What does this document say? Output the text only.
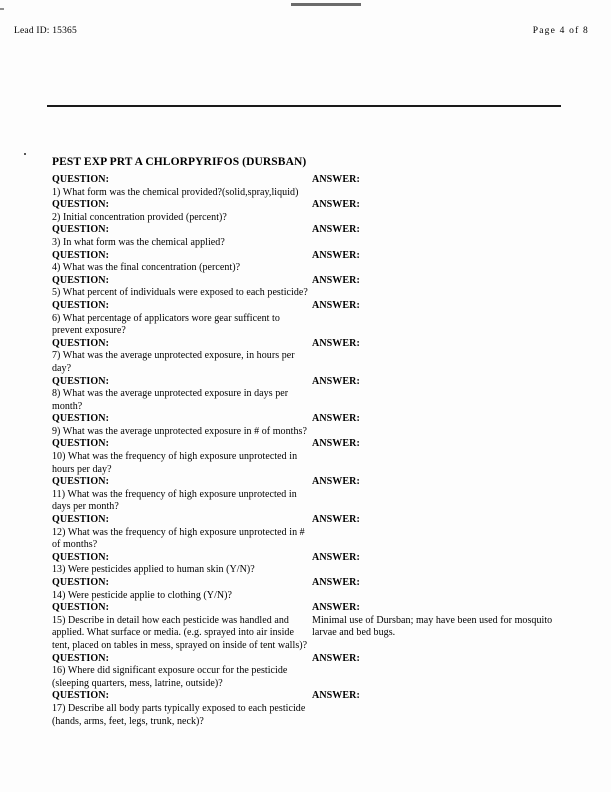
Lead ID: 15365	Page 4 of 8
PEST EXP PRT A CHLORPYRIFOS (DURSBAN)
QUESTION:	ANSWER:
1) What form was the chemical provided?(solid,spray,liquid)
QUESTION:	ANSWER:
2) Initial concentration provided (percent)?
QUESTION:	ANSWER:
3) In what form was the chemical applied?
QUESTION:	ANSWER:
4) What was the final concentration (percent)?
QUESTION:	ANSWER:
5) What percent of individuals were exposed to each pesticide?
QUESTION:	ANSWER:
6) What percentage of applicators wore gear sufficent to prevent exposure?
QUESTION:	ANSWER:
7) What was the average unprotected exposure, in hours per day?
QUESTION:	ANSWER:
8) What was the average unprotected exposure in days per month?
QUESTION:	ANSWER:
9) What was the average unprotected exposure in # of months?
QUESTION:	ANSWER:
10) What was the frequency of high exposure unprotected in hours per day?
QUESTION:	ANSWER:
11) What was the frequency of high exposure unprotected in days per month?
QUESTION:	ANSWER:
12) What was the frequency of high exposure unprotected in # of months?
QUESTION:	ANSWER:
13) Were pesticides applied to human skin (Y/N)?
QUESTION:	ANSWER:
14) Were pesticide applie to clothing (Y/N)?
QUESTION:	ANSWER:
15) Describe in detail how each pesticide was handled and applied. What surface or media. (e.g. sprayed into air inside tent, placed on tables in mess, sprayed on inside of tent walls)?
Minimal use of Dursban; may have been used for mosquito larvae and bed bugs.
QUESTION:	ANSWER:
16) Where did significant exposure occur for the pesticide (sleeping quarters, mess, latrine, outside)?
QUESTION:	ANSWER:
17) Describe all body parts typically exposed to each pesticide (hands, arms, feet, legs, trunk, neck)?
